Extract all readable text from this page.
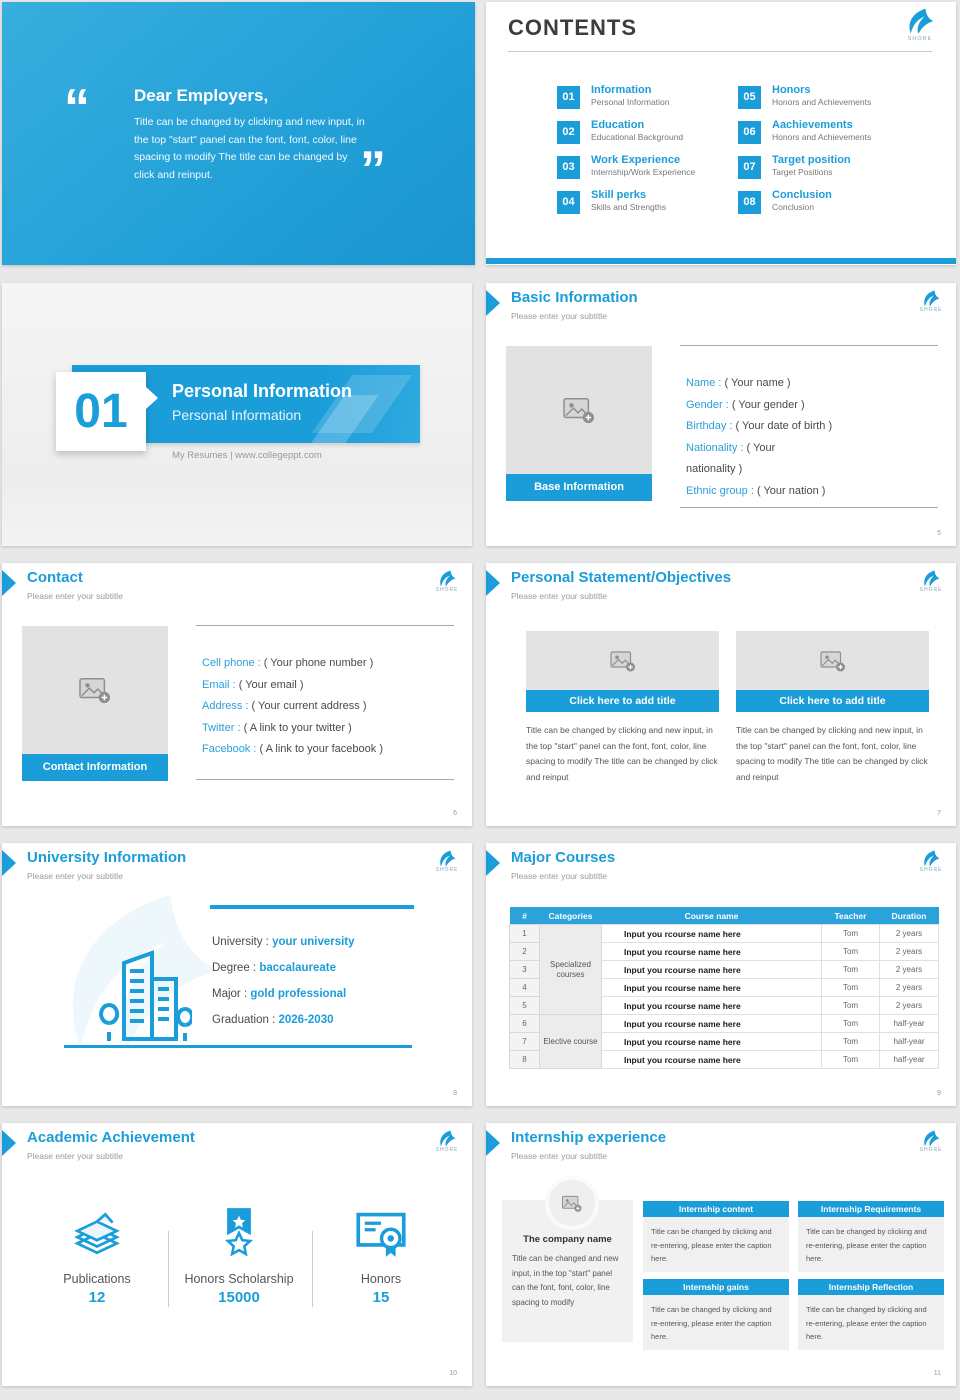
“	Dear Employers,
Title can be changed by clicking and new input, in the top "start" panel can the font, font, color, line spacing to modify The title can be changed by click and reinput.	”
CONTENTS	SHORE
01
Information
Personal Information
02
Education
Educational Background
03
Work Experience
Internship/Work Experience
04
Skill perks
Skills and Strengths
05
Honors
Honors and Achievements
06
Aachievements
Honors and Achievements
07
Target position
Target Positions
08
Conclusion
Conclusion
Personal Information
Personal Information
01
My Resumes | www.collegeppt.com
Basic Information
Please enter your subtitle
SHORE
Base Information
Name : ( Your name )
Gender : ( Your gender )
Birthday : ( Your date of birth )
Nationality : ( Your
nationality )
Ethnic group : ( Your nation )
5
Contact
Please enter your subtitle
SHORE
Contact Information
Cell phone : ( Your phone number )
Email : ( Your email )
Address : ( Your current address )
Twitter : ( A link to your twitter )
Facebook : ( A link to your facebook )
6
Personal Statement/Objectives
Please enter your subtitle
SHORE
Click here to add title	Click here to add title
Title can be changed by clicking and new input, in the top "start" panel can the font, font, color, line spacing to modify The title can be changed by click and reinput
Title can be changed by clicking and new input, in the top "start" panel can the font, font, color, line spacing to modify The title can be changed by click and reinput
7
University Information
Please enter your subtitle
SHORE
University : your university
Degree : baccalaureate
Major : gold professional
Graduation : 2026-2030
8
Major Courses
Please enter your subtitle
SHORE
#	Categories	Course name	Teacher	Duration
1	Specialized courses	Input you rcourse name here	Tom	2 years
2		Input you rcourse name here	Tom	2 years
3		Input you rcourse name here	Tom	2 years
4		Input you rcourse name here	Tom	2 years
5		Input you rcourse name here	Tom	2 years
6	Elective course	Input you rcourse name here	Tom	half-year
7		Input you rcourse name here	Tom	half-year
8		Input you rcourse name here	Tom	half-year
9
Academic Achievement
Please enter your subtitle
SHORE
Publications
12
Honors Scholarship
15000
Honors
15
10
Internship experience
Please enter your subtitle
SHORE
The company name
Title can be changed and new input, in the top "start" panel can the font, font, color, line spacing to modify
Internship content
Title can be changed by clicking and re-entering, please enter the caption here.
Internship Requirements
Title can be changed by clicking and re-entering, please enter the caption here.
Internship gains
Title can be changed by clicking and re-entering, please enter the caption here.
Internship Reflection
Title can be changed by clicking and re-entering, please enter the caption here.
11
